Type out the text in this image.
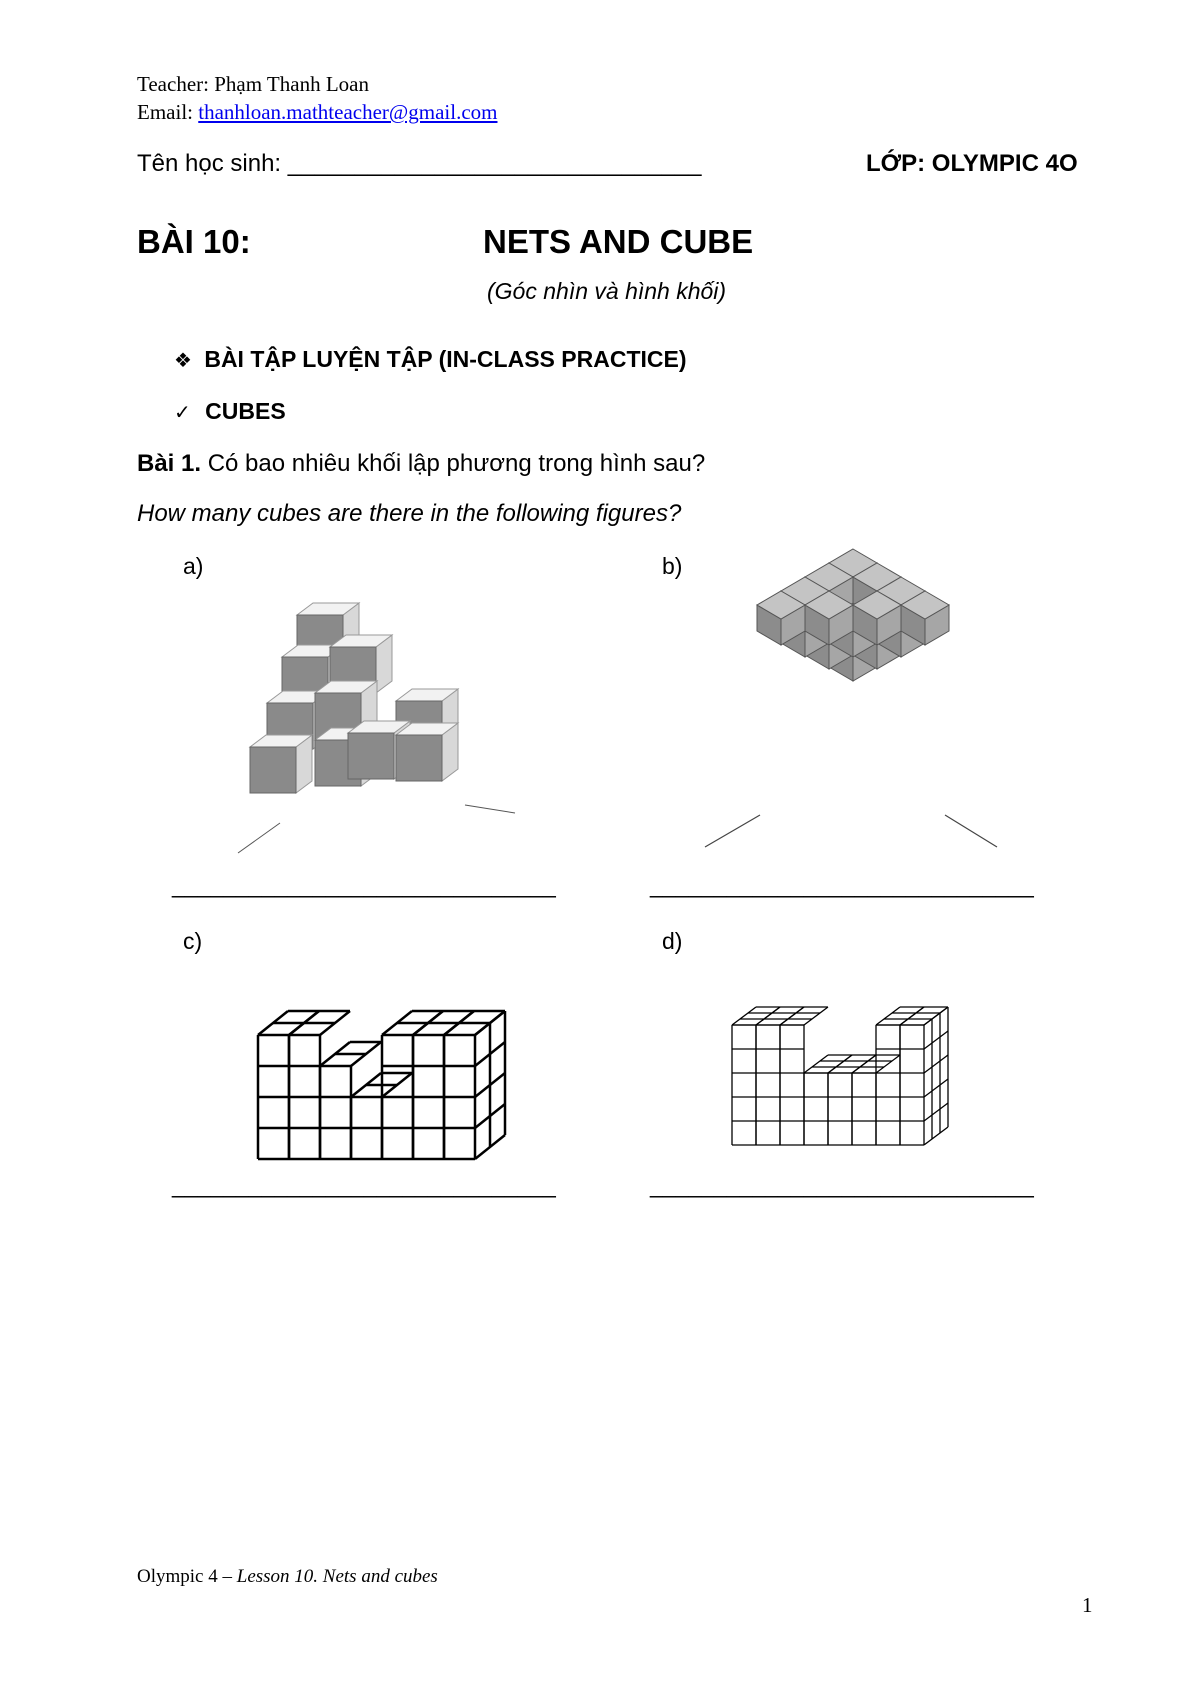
Teacher: Phạm Thanh Loan
Email: thanhloan.mathteacher@gmail.com
Tên học sinh: _______________________________	LỚP: OLYMPIC 4O
BÀI 10:	NETS AND CUBE
(Góc nhìn và hình khối)
❖ BÀI TẬP LUYỆN TẬP (IN-CLASS PRACTICE)
✓ CUBES
Bài 1. Có bao nhiêu khối lập phương trong hình sau?
How many cubes are there in the following figures?
a)	b)
c)	d)
______________________________	______________________________
______________________________	______________________________
Olympic 4 – Lesson 10. Nets and cubes
1
